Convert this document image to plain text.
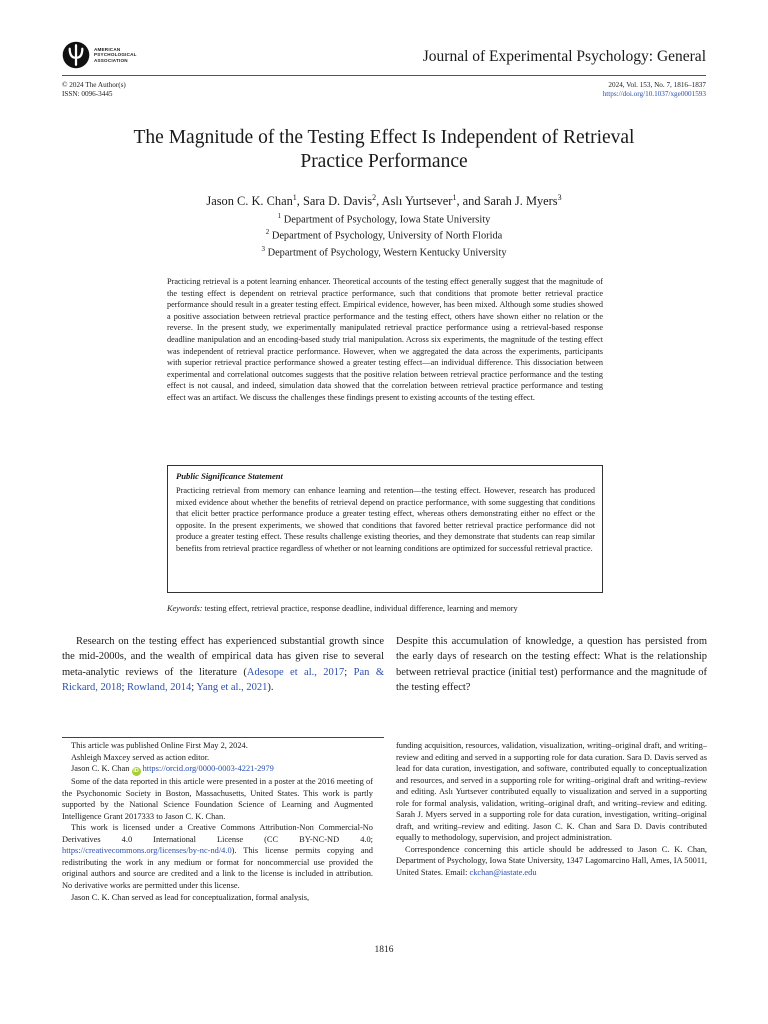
AMERICAN
PSYCHOLOGICAL
ASSOCIATION	Journal of Experimental Psychology: General
© 2024 The Author(s)
ISSN: 0096-3445
2024, Vol. 153, No. 7, 1816–1837
https://doi.org/10.1037/xge0001593
The Magnitude of the Testing Effect Is Independent of Retrieval
Practice Performance
Jason C. K. Chan$^1$, Sara D. Davis$^2$, Aslı Yurtsever$^1$, and Sarah J. Myers$^3$
$^1$ Department of Psychology, Iowa State University
$^2$ Department of Psychology, University of North Florida
$^3$ Department of Psychology, Western Kentucky University
Practicing retrieval is a potent learning enhancer. Theoretical accounts of the testing effect generally suggest that the magnitude of the testing effect is dependent on retrieval practice performance, such that conditions that promote better retrieval practice performance should result in a greater testing effect. Empirical evidence, however, has been mixed. Although some studies showed a positive association between retrieval practice performance and the testing effect, others have shown either no relation or the reverse. In the present study, we experimentally manipulated retrieval practice performance using a retrieval-based response deadline manipulation and an encoding-based study trial manipulation. Across six experiments, the magnitude of the testing effect was independent of retrieval practice performance. However, when we aggregated the data across the experiments, participants with superior retrieval practice performance showed a greater testing effect—an individual difference. This dissociation between experimental and correlational outcomes suggests that the positive relation between retrieval practice performance and the testing effect is not causal, and indeed, simulation data showed that the correlation between retrieval practice performance and testing effect was an artifact. We discuss the challenges these findings present to existing accounts of the testing effect.
Public Significance Statement
Practicing retrieval from memory can enhance learning and retention—the testing effect. However, research has produced mixed evidence about whether the benefits of retrieval depend on practice performance, with some suggesting that conditions that elicit better practice performance produce a greater testing effect, whereas others demonstrating either no effect or the opposite. In the present experiments, we showed that conditions that favored better retrieval practice performance did not produce a greater testing effect. These results challenge existing theories, and they demonstrate that students can reap similar benefits from retrieval practice regardless of whether or not learning conditions are optimized for successful retrieval practice.
Keywords: testing effect, retrieval practice, response deadline, individual difference, learning and memory
Research on the testing effect has experienced substantial growth since the mid-2000s, and the wealth of empirical data has given rise to several meta-analytic reviews of the literature (Adesope et al., 2017; Pan & Rickard, 2018; Rowland, 2014; Yang et al., 2021).
Despite this accumulation of knowledge, a question has persisted from the early days of research on the testing effect: What is the relationship between retrieval practice (initial test) performance and the magnitude of the testing effect?

This article was published Online First May 2, 2024.

Ashleigh Maxcey served as action editor.

Jason C. K. Chan iD https://orcid.org/0000-0003-4221-2979

Some of the data reported in this article were presented in a poster at the 2016 meeting of the Psychonomic Society in Boston, Massachusetts, United States. This work is partly supported by the National Science Foundation Science of Learning and Augmented Intelligence Grant 2017333 to Jason C. K. Chan.

This work is licensed under a Creative Commons Attribution-Non Commercial-No Derivatives 4.0 International License (CC BY-NC-ND 4.0; https://creativecommons.org/licenses/by-nc-nd/4.0). This license permits copying and redistributing the work in any medium or format for noncommercial use provided the original authors and source are credited and a link to the license is included in attribution. No derivative works are permitted under this license.

Jason C. K. Chan served as lead for conceptualization, formal analysis,

funding acquisition, resources, validation, visualization, writing–original draft, and writing–review and editing and served in a supporting role for data curation. Sara D. Davis served as lead for data curation, investigation, and software, contributed equally to conceptualization and resources, and served in a supporting role for writing–original draft and writing–review and editing. Aslı Yurtsever contributed equally to visualization and served in a supporting role for formal analysis, validation, writing–original draft, and writing–review and editing. Sarah J. Myers served in a supporting role for data curation, investigation, writing–original draft, and writing–review and editing. Jason C. K. Chan and Sara D. Davis contributed equally to methodology, supervision, and project administration.

Correspondence concerning this article should be addressed to Jason C. K. Chan, Department of Psychology, Iowa State University, 1347 Lagomarcino Hall, Ames, IA 50011, United States. Email: ckchan@iastate.edu

1816
